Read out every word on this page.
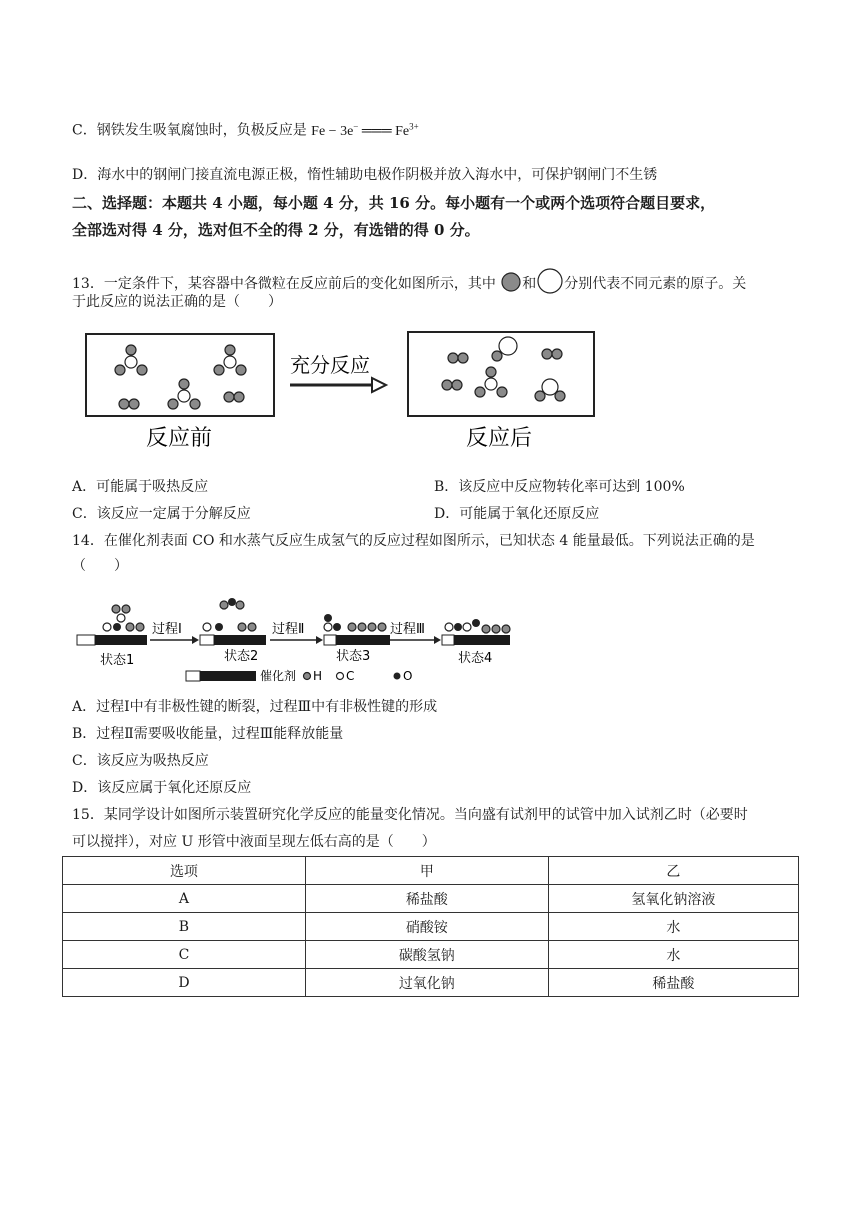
C．钢铁发生吸氧腐蚀时，负极反应是 Fe − 3e− ═══ $Fe^{3+}$
D．海水中的钢闸门接直流电源正极，惰性辅助电极作阴极并放入海水中，可保护钢闸门不生锈
二、选择题：本题共 4 小题，每小题 4 分，共 16 分。每小题有一个或两个选项符合题目要求，
全部选对得 4 分，选对但不全的得 2 分，有选错的得 0 分。
13．一定条件下，某容器中各微粒在反应前后的变化如图所示，其中 和 分别代表不同元素的原子。关
于此反应的说法正确的是（　　）
充分反应
反应前	反应后
A．可能属于吸热反应	B．该反应中反应物转化率可达到 100%
C．该反应一定属于分解反应	D．可能属于氧化还原反应
14．在催化剂表面 CO 和水蒸气反应生成氢气的反应过程如图所示，已知状态 4 能量最低。下列说法正确的是
（　　）
过程Ⅰ	过程Ⅱ	过程Ⅲ
状态1	状态2	状态3	状态4
催化剂 H C	O
A．过程Ⅰ中有非极性键的断裂，过程Ⅲ中有非极性键的形成
B．过程Ⅱ需要吸收能量，过程Ⅲ能释放能量
C．该反应为吸热反应
D．该反应属于氧化还原反应
15．某同学设计如图所示装置研究化学反应的能量变化情况。当向盛有试剂甲的试管中加入试剂乙时（必要时
可以搅拌），对应 U 形管中液面呈现左低右高的是（　　）
选项	甲	乙
A	稀盐酸	氢氧化钠溶液
B	硝酸铵	水
C	碳酸氢钠	水
D	过氧化钠	稀盐酸
